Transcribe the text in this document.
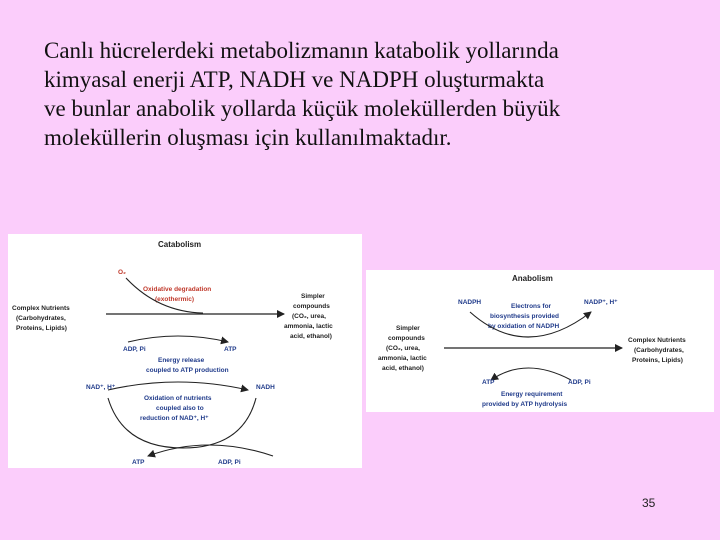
Canlı hücrelerdeki metabolizmanın katabolik yollarında
kimyasal enerji ATP, NADH ve NADPH oluşturmakta
ve bunlar anabolik yollarda küçük moleküllerden büyük
moleküllerin oluşması için kullanılmaktadır.
Catabolism
O₂
Oxidative degradation
(exothermic)
Complex Nutrients
(Carbohydrates,
Proteins, Lipids)
Simpler
compounds
(CO₂, urea,
ammonia, lactic
acid, ethanol)
ADP, Pi	ATP
Energy release
coupled to ATP production
NAD⁺, H⁺	NADH
Oxidation of nutrients
coupled also to
reduction of NAD⁺, H⁺
ATP	ADP, Pi
Anabolism
NADPH	NADP⁺, H⁺
Electrons for
biosynthesis provided
by oxidation of NADPH
Simpler
compounds
(CO₂, urea,
ammonia, lactic
acid, ethanol)
Complex Nutrients
(Carbohydrates,
Proteins, Lipids)
ATP	ADP, Pi
Energy requirement
provided by ATP hydrolysis
35
